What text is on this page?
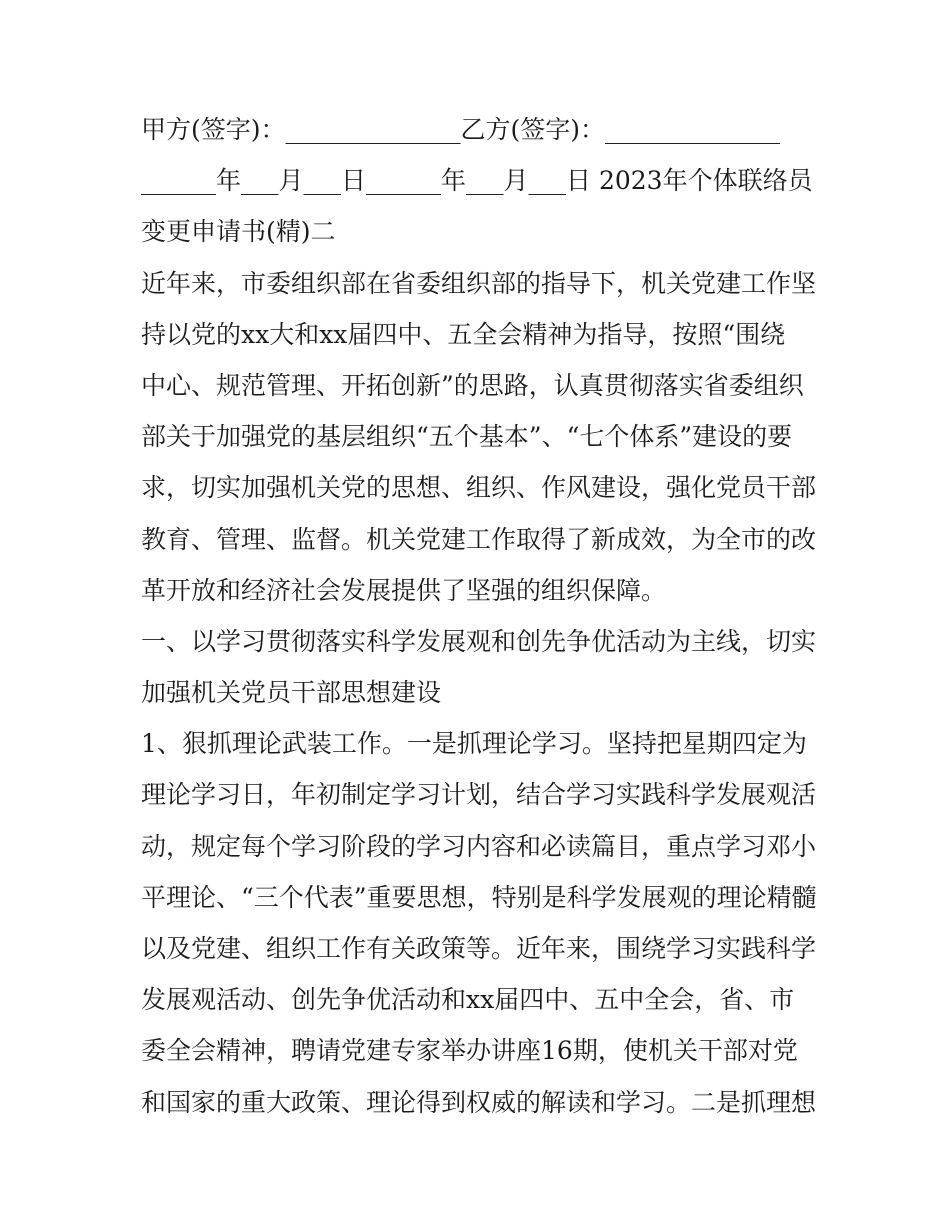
甲方(签字)：______________乙方(签字)：______________
______年___月___日______年___月___日 2023年个体联络员
变更申请书(精)二
近年来，市委组织部在省委组织部的指导下，机关党建工作坚
持以党的xx大和xx届四中、五全会精神为指导，按照“围绕
中心、规范管理、开拓创新”的思路，认真贯彻落实省委组织
部关于加强党的基层组织“五个基本”、“七个体系”建设的要
求，切实加强机关党的思想、组织、作风建设，强化党员干部
教育、管理、监督。机关党建工作取得了新成效，为全市的改
革开放和经济社会发展提供了坚强的组织保障。
一、以学习贯彻落实科学发展观和创先争优活动为主线，切实
加强机关党员干部思想建设
1、狠抓理论武装工作。一是抓理论学习。坚持把星期四定为
理论学习日，年初制定学习计划，结合学习实践科学发展观活
动，规定每个学习阶段的学习内容和必读篇目，重点学习邓小
平理论、“三个代表”重要思想，特别是科学发展观的理论精髓
以及党建、组织工作有关政策等。近年来，围绕学习实践科学
发展观活动、创先争优活动和xx届四中、五中全会，省、市
委全会精神，聘请党建专家举办讲座16期，使机关干部对党
和国家的重大政策、理论得到权威的解读和学习。二是抓理想
